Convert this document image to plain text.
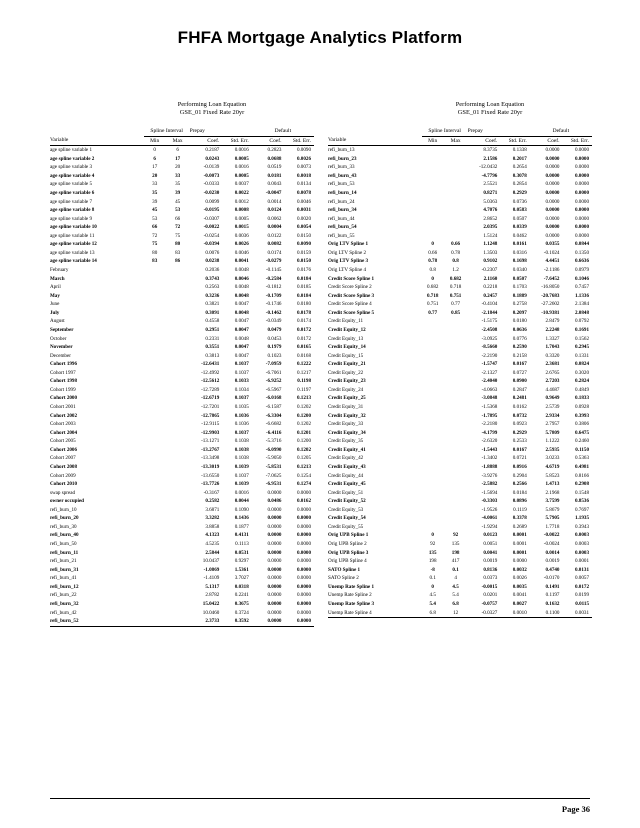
FHFA Mortgage Analytics Platform
Performing Loan Equation
GSE_01 Fixed Rate 20yr
	Spline Interval		Prepay		Default	
Variable	Min	Max	Coef.	Std. Err.	Coef.	Std. Err.
age spline variable 1	0	6	0.2187	0.0016	0.2823	0.0090
age spline variable 2	6	17	0.0243	0.0005	0.0688	0.0026
age spline variable 3	17	20	-0.0139	0.0016	0.0519	0.0073
age spline variable 4	20	33	-0.0073	0.0005	0.0181	0.0018
age spline variable 5	33	35	-0.0333	0.0037	0.0043	0.0134
age spline variable 6	35	39	-0.0230	0.0022	-0.0047	0.0078
age spline variable 7	39	45	0.0099	0.0012	0.0014	0.0046
age spline variable 8	45	53	-0.0195	0.0008	0.0124	0.0031
age spline variable 9	53	66	-0.0307	0.0005	0.0062	0.0020
age spline variable 10	66	72	-0.0022	0.0015	0.0004	0.0054
age spline variable 11	72	75	-0.0254	0.0036	0.0122	0.0150
age spline variable 12	75	80	-0.0394	0.0026	0.0082	0.0090
age spline variable 13	80	83	0.0076	0.0046	0.0174	0.0159
age spline variable 14	83	86	0.0238	0.0041	-0.0279	0.0150
February			0.2036	0.0048	-0.1145	0.0176
March			0.3743	0.0046	-0.2584	0.0184
April			0.2563	0.0048	-0.1812	0.0185
May			0.3236	0.0048	-0.1709	0.0184
June			0.3821	0.0047	-0.1746	0.0180
July			0.3091	0.0048	-0.1462	0.0178
August			0.4558	0.0047	-0.0349	0.0174
September			0.2951	0.0047	0.0479	0.0172
October			0.2331	0.0048	0.0453	0.0172
November			0.3551	0.0047	0.1979	0.0165
December			0.3813	0.0047	0.1023	0.0168
Cohort 1996			-12.6431	0.1037	-7.0959	0.1222
Cohort 1997			-12.4992	0.1037	-6.7061	0.1217
Cohort 1998			-12.5612	0.1033	-6.9252	0.1198
Cohort 1999			-12.7289	0.1034	-6.5967	0.1197
Cohort 2000			-12.6719	0.1037	-6.0168	0.1213
Cohort 2001			-12.7201	0.1035	-6.1587	0.1202
Cohort 2002			-12.7865	0.1036	-6.3304	0.1200
Cohort 2003			-12.9115	0.1036	-6.6682	0.1202
Cohort 2004			-12.9903	0.1037	-6.4116	0.1201
Cohort 2005			-13.1271	0.1038	-5.3716	0.1200
Cohort 2006			-13.2767	0.1038	-6.0990	0.1202
Cohort 2007			-13.3498	0.1038	-5.9050	0.1205
Cohort 2008			-13.3019	0.1039	-5.8531	0.1213
Cohort 2009			-13.6550	0.1037	-7.0625	0.1254
Cohort 2010			-13.7726	0.1039	-6.9531	0.1274
swap spread			-0.3167	0.0016	0.0000	0.0000
owner occupied			0.2582	0.0044	0.0486	0.0162
refi_burn_10			3.6871	0.1090	0.0000	0.0000
refi_burn_20			3.3282	0.1436	0.0000	0.0000
refi_burn_30			3.8858	0.1877	0.0000	0.0000
refi_burn_40			4.1323	0.4131	0.0000	0.0000
refi_burn_50			4.5235	0.1113	0.0000	0.0000
refi_burn_11			2.5844	0.0531	0.0000	0.0000
refi_burn_21			10.0437	0.9297	0.0000	0.0000
refi_burn_31			-1.0869	1.5361	0.0000	0.0000
refi_burn_41			-1.4109	3.7027	0.0000	0.0000
refi_burn_12			5.1317	0.0318	0.0000	0.0000
refi_burn_22			2.8782	0.2241	0.0000	0.0000
refi_burn_32			15.0422	0.3675	0.0000	0.0000
refi_burn_42			10.0460	0.3724	0.0000	0.0000
refi_burn_52			2.3733	0.3592	0.0000	0.0000
Performing Loan Equation
GSE_01 Fixed Rate 20yr
	Spline Interval		Prepay		Default	
Variable	Min	Max	Coef.	Std. Err.	Coef.	Std. Err.
refi_burn_13			8.3735	0.1338	0.0000	0.0000
refi_burn_23			2.1586	0.2017	0.0000	0.0000
refi_burn_33			-12.0432	0.2654	0.0000	0.0000
refi_burn_43			-4.7796	0.3078	0.0000	0.0000
refi_burn_53			2.5521	0.2854	0.0000	0.0000
refi_burn_14			0.8271	0.2929	0.0000	0.0000
refi_burn_24			5.0363	0.0736	0.0000	0.0000
refi_burn_34			4.7076	0.0583	0.0000	0.0000
refi_burn_44			2.8652	0.0507	0.0000	0.0000
refi_burn_54			2.0395	0.0339	0.0000	0.0000
refi_burn_55			1.5124	0.0462	0.0000	0.0000
Orig LTV Spline 1	0	0.66	1.1248	0.0161	0.0355	0.0844
Orig LTV Spline 2	0.66	0.78	1.3503	0.0316	-0.1024	0.1350
Orig LTV Spline 3	0.78	0.8	0.9102	0.1698	4.4451	0.6636
Orig LTV Spline 4	0.8	1.2	-0.2307	0.0340	-2.1186	0.0979
Credit Score Spline 1	0	0.682	2.1160	0.0507	-7.6452	0.1046
Credit Score Spline 2	0.682	0.718	0.2218	0.1703	-16.8050	0.7457
Credit Score Spline 3	0.718	0.751	0.2457	0.1889	-20.7683	1.1336
Credit Score Spline 4	0.751	0.77	-0.4104	0.2758	-27.2602	2.1384
Credit Score Spline 5	0.77	0.85	-2.1844	0.2097	-10.9381	2.0848
Credit Equity_11			-1.5175	0.0180	2.8479	0.0792
Credit Equity_12			-2.4508	0.0636	2.2248	0.1691
Credit Equity_13			-3.0925	0.0776	1.3327	0.1562
Credit Equity_14			-8.5660	0.2590	1.7043	0.2945
Credit Equity_15			-2.2190	0.2158	0.3320	0.1331
Credit Equity_21			-1.5747	0.0167	2.3681	0.0824
Credit Equity_22			-2.1327	0.0727	2.6765	0.3020
Credit Equity_23			-2.4040	0.0900	2.7203	0.2824
Credit Equity_24			-4.0663	0.2847	4.4687	0.4849
Credit Equity_25			-3.0848	0.2481	0.9649	0.1833
Credit Equity_31			-1.5368	0.0162	2.5739	0.0928
Credit Equity_32			-1.7895	0.0732	2.9334	0.3993
Credit Equity_33			-2.2180	0.0923	2.7957	0.3806
Credit Equity_34			-4.1799	0.2929	5.7809	0.6475
Credit Equity_35			-2.6320	0.2533	1.1222	0.2460
Credit Equity_41			-1.5443	0.0167	2.5935	0.1150
Credit Equity_42			-1.3402	0.0721	3.0233	0.5363
Credit Equity_43			-1.8888	0.0916	4.6719	0.4981
Credit Equity_44			-3.9276	0.2904	5.8523	0.8166
Credit Equity_45			-2.5882	0.2566	1.4713	0.2908
Credit Equity_51			-1.5694	0.0184	2.1968	0.1548
Credit Equity_52			-0.3303	0.0896	3.7599	0.8536
Credit Equity_53			-1.9526	0.1119	5.8679	0.7697
Credit Equity_54			-4.0061	0.3378	5.7905	1.1935
Credit Equity_55			-1.9294	0.2689	1.7718	0.3943
Orig UPB Spline 1	0	92	0.0123	0.0001	-0.0022	0.0003
Orig UPB Spline 2	92	135	0.0051	0.0001	-0.0024	0.0003
Orig UPB Spline 3	135	198	0.0041	0.0001	0.0014	0.0003
Orig UPB Spline 4	198	417	0.0019	0.0000	0.0019	0.0001
SATO Spline 1	-8	0.1	0.8136	0.0032	0.4740	0.0131
SATO Spline 2	0.1	4	0.0373	0.0026	-0.0170	0.0057
Unemp Rate Spline 1	0	4.5	-0.0015	0.0035	0.1491	0.0172
Unemp Rate Spline 2	4.5	5.4	0.0201	0.0041	0.1197	0.0199
Unemp Rate Spline 3	5.4	6.8	-0.0757	0.0027	0.1632	0.0115
Unemp Rate Spline 4	6.8	12	-0.0327	0.0010	0.1100	0.0031
Page 36
